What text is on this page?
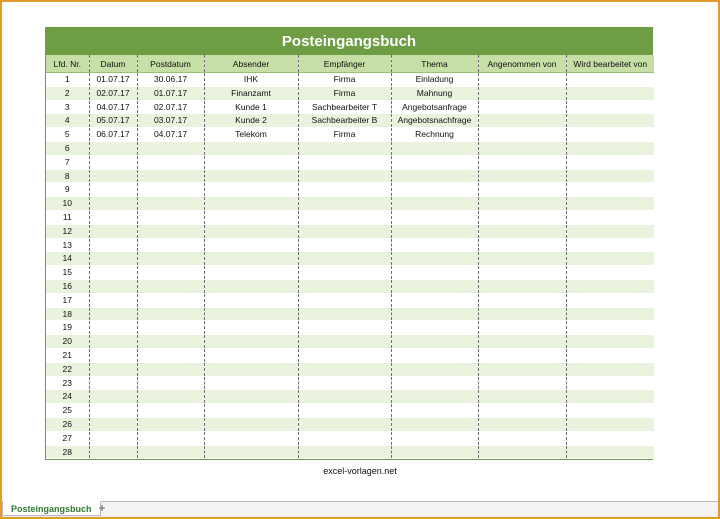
Posteingangsbuch
Lfd. Nr.	Datum	Postdatum	Absender	Empfänger	Thema	Angenommen von	Wird bearbeitet von
1	01.07.17	30.06.17	IHK	Firma	Einladung		
2	02.07.17	01.07.17	Finanzamt	Firma	Mahnung		
3	04.07.17	02.07.17	Kunde 1	Sachbearbeiter T	Angebotsanfrage		
4	05.07.17	03.07.17	Kunde 2	Sachbearbeiter B	Angebotsnachfrage		
5	06.07.17	04.07.17	Telekom	Firma	Rechnung		
6							
7							
8							
9							
10							
11							
12							
13							
14							
15							
16							
17							
18							
19							
20							
21							
22							
23							
24							
25							
26							
27							
28							
excel-vorlagen.net
Posteingangsbuch +
